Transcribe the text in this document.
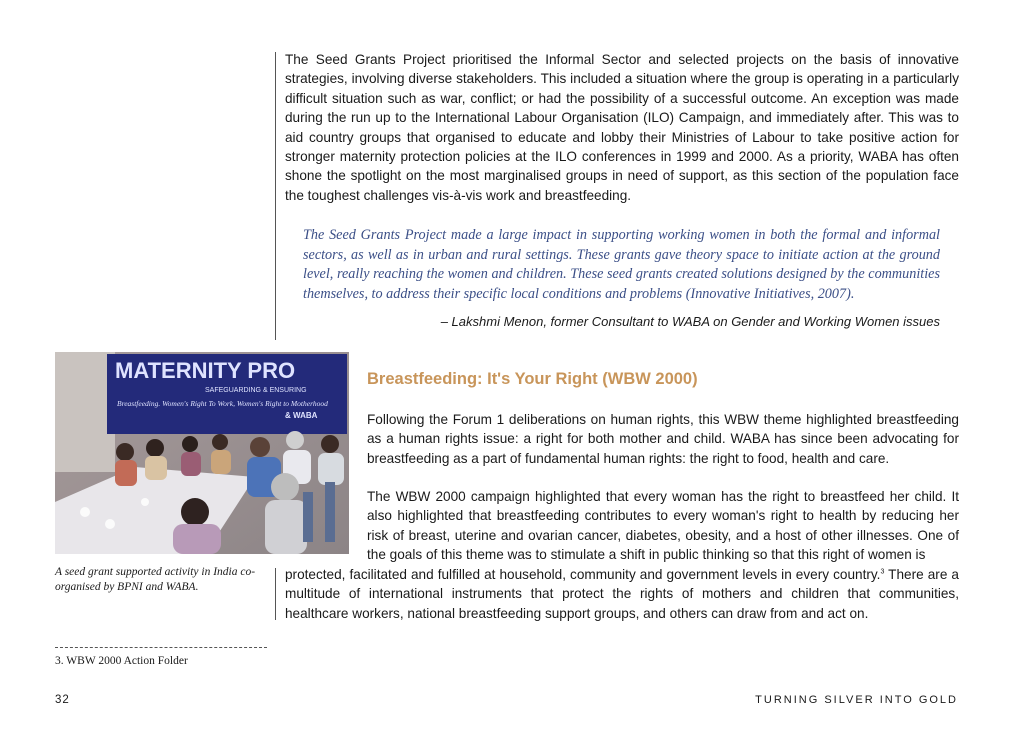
The Seed Grants Project prioritised the Informal Sector and selected projects on the basis of innovative strategies, involving diverse stakeholders. This included a situation where the group is operating in a particularly difficult situation such as war, conflict; or had the possibility of a successful outcome. An exception was made during the run up to the International Labour Organisation (ILO) Campaign, and immediately after. This was to aid country groups that organised to educate and lobby their Ministries of Labour to take positive action for stronger maternity protection policies at the ILO conferences in 1999 and 2000. As a priority, WABA has often shone the spotlight on the most marginalised groups in need of support, as this section of the population face the toughest challenges vis-à-vis work and breastfeeding.

The Seed Grants Project made a large impact in supporting working women in both the formal and informal sectors, as well as in urban and rural settings. These grants gave theory space to initiate action at the ground level, really reaching the women and children. These seed grants created solutions designed by the communities themselves, to address their specific local conditions and problems (Innovative Initiatives, 2007).

– Lakshmi Menon, former Consultant to WABA on Gender and Working Women issues

MATERNITY PRO
SAFEGUARDING & ENSURING
Breastfeeding. Women's Right To Work, Women's Right to Motherhood
& WABA

A seed grant supported activity in India co-organised by BPNI and WABA.

Breastfeeding: It's Your Right (WBW 2000)

Following the Forum 1 deliberations on human rights, this WBW theme highlighted breastfeeding as a human rights issue: a right for both mother and child. WABA has since been advocating for breastfeeding as a part of fundamental human rights: the right to food, health and care.

The WBW 2000 campaign highlighted that every woman has the right to breastfeed her child. It also highlighted that breastfeeding contributes to every woman's right to health by reducing her risk of breast, uterine and ovarian cancer, diabetes, obesity, and a host of other illnesses. One of the goals of this theme was to stimulate a shift in public thinking so that this right of women is

protected, facilitated and fulfilled at household, community and government levels in every country.$^3$ There are a multitude of international instruments that protect the rights of mothers and children that communities, healthcare workers, national breastfeeding support groups, and others can draw from and act on.

3. WBW 2000 Action Folder

32	TURNING SILVER INTO GOLD
